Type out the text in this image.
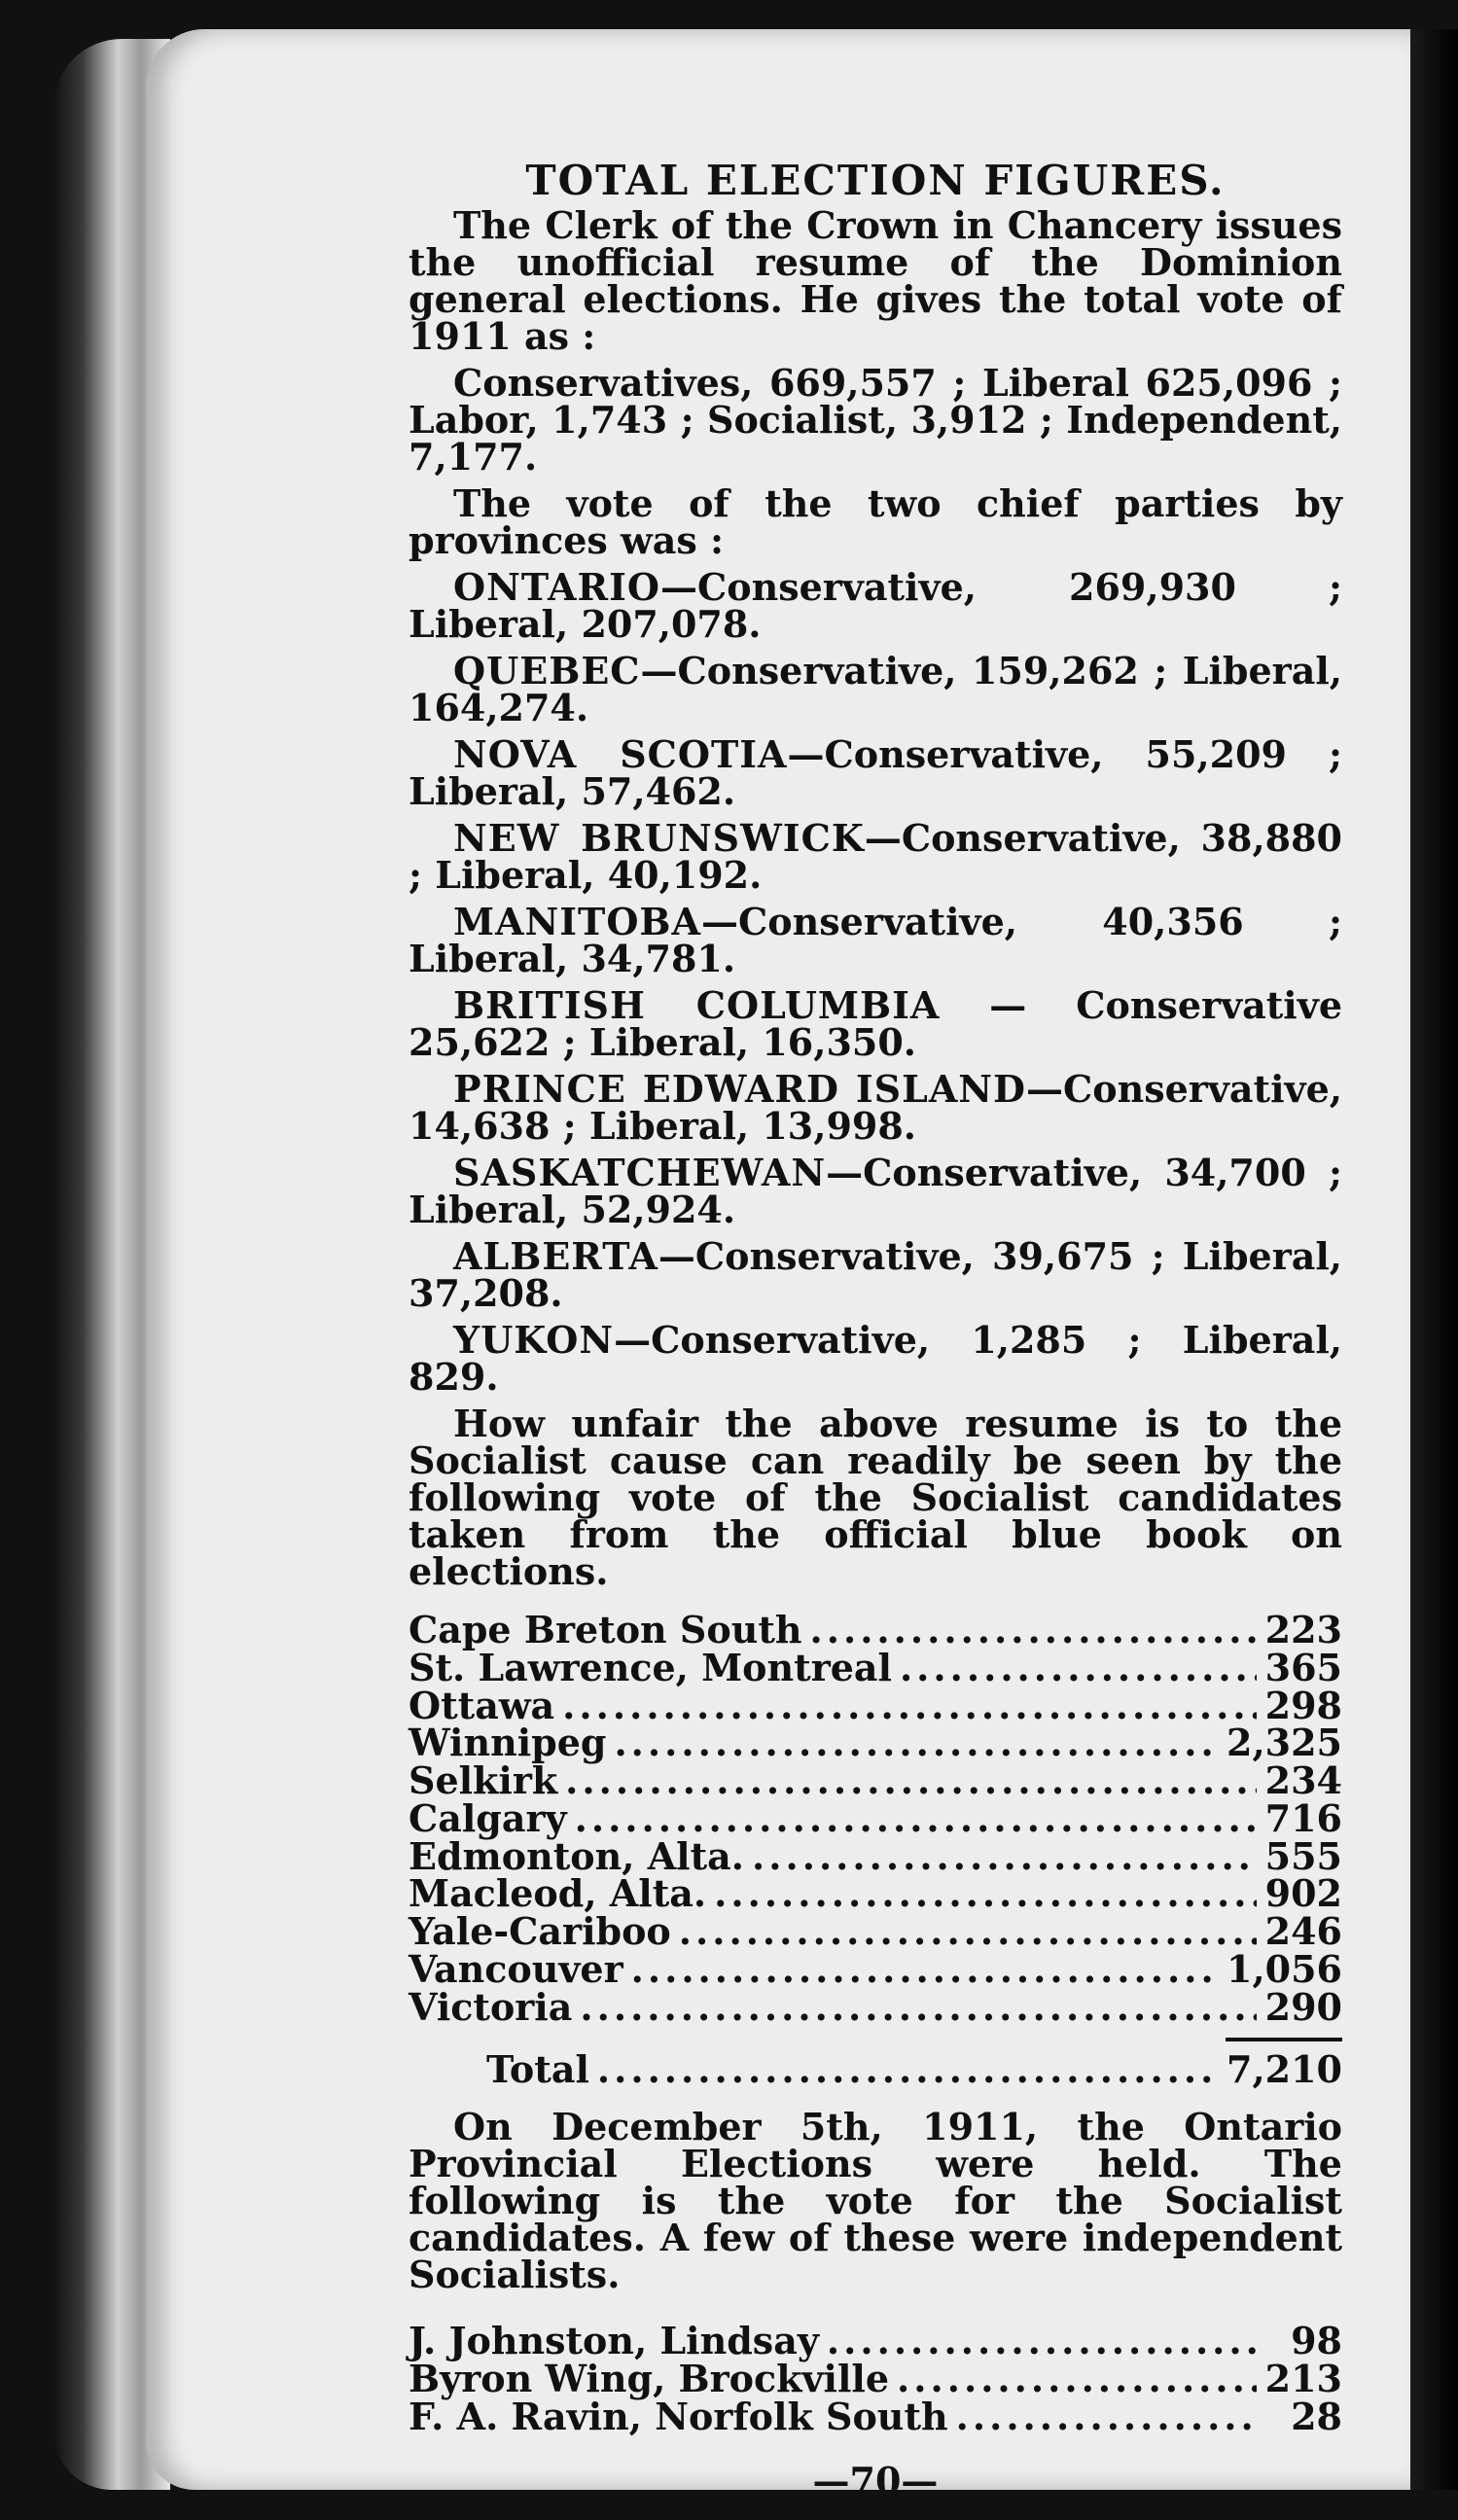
TOTAL ELECTION FIGURES.

The Clerk of the Crown in Chancery issues the unofficial resume of the Dominion general elections. He gives the total vote of 1911 as :

Conservatives, 669,557 ; Liberal 625,096 ; Labor, 1,743 ; Socialist, 3,912 ; Independent, 7,177.

The vote of the two chief parties by provinces was :

ONTARIO—Conservative, 269,930 ; Liberal, 207,078.

QUEBEC—Conservative, 159,262 ; Liberal, 164,274.

NOVA SCOTIA—Conservative, 55,209 ; Liberal, 57,462.

NEW BRUNSWICK—Conservative, 38,880 ; Liberal, 40,192.

MANITOBA—Conservative, 40,356 ; Liberal, 34,781.

BRITISH COLUMBIA — Conservative 25,622 ; Liberal, 16,350.

PRINCE EDWARD ISLAND—Conservative, 14,638 ; Liberal, 13,998.

SASKATCHEWAN—Conservative, 34,700 ; Liberal, 52,924.

ALBERTA—Conservative, 39,675 ; Liberal, 37,208.

YUKON—Conservative, 1,285 ; Liberal, 829.

How unfair the above resume is to the Socialist cause can readily be seen by the following vote of the Socialist candidates taken from the official blue book on elections.

Cape Breton South .....	223
St. Lawrence, Montreal .....	365
Ottawa .....	298
Winnipeg .....	2,325
Selkirk .....	234
Calgary .....	716
Edmonton, Alta. .....	555
Macleod, Alta. .....	902
Yale-Cariboo .....	246
Vancouver .....	1,056
Victoria .....	290
Total .....	7,210

On December 5th, 1911, the Ontario Provincial Elections were held. The following is the vote for the Socialist candidates. A few of these were independent Socialists.

J. Johnston, Lindsay .....	98
Byron Wing, Brockville .....	213
F. A. Ravin, Norfolk South .....	28
—70—
